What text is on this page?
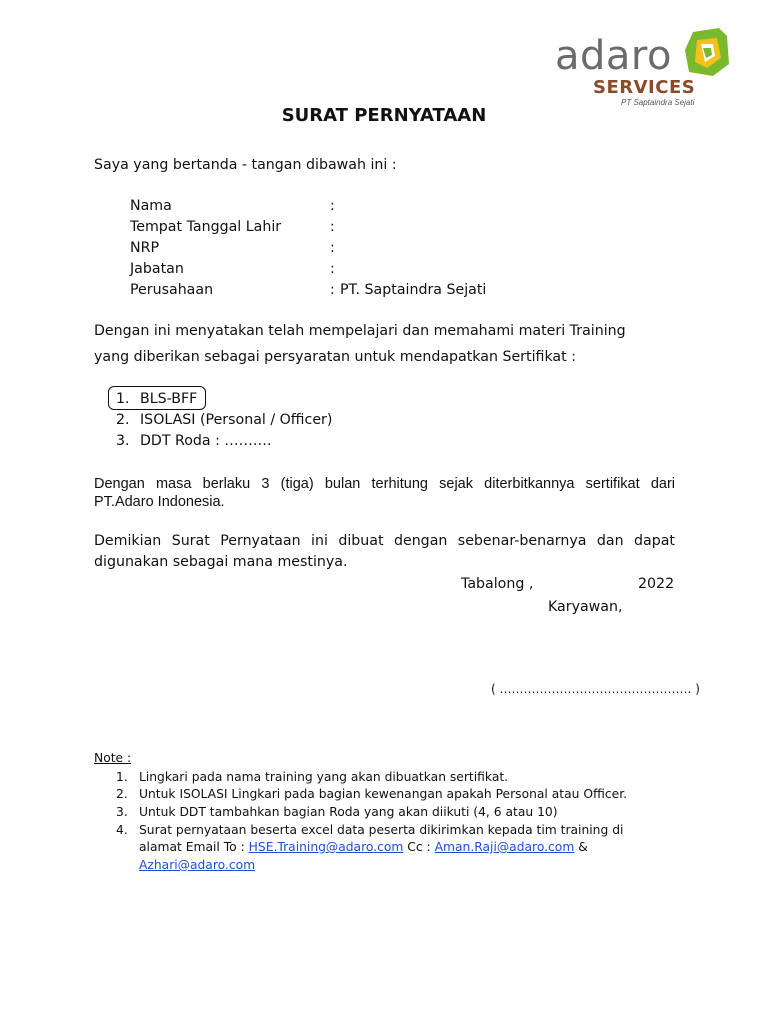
adaro
SERVICES
PT Saptaindra Sejati
SURAT PERNYATAAN
Saya yang bertanda - tangan dibawah ini :
Nama	:
Tempat Tanggal Lahir	:
NRP	:
Jabatan	:
Perusahaan	: PT. Saptaindra Sejati
Dengan ini menyatakan telah mempelajari dan memahami materi Training
yang diberikan sebagai persyaratan untuk mendapatkan Sertifikat :
1. BLS-BFF
2. ISOLASI (Personal / Officer)
3. DDT Roda : ……….
Dengan masa berlaku 3 (tiga) bulan terhitung sejak diterbitkannya sertifikat dari
PT.Adaro Indonesia.
Demikian Surat Pernyataan ini dibuat dengan sebenar-benarnya dan dapat
digunakan sebagai mana mestinya.
Tabalong ,	2022
Karyawan,
( ………………………………………… )
Note :
1. Lingkari pada nama training yang akan dibuatkan sertifikat.
2. Untuk ISOLASI Lingkari pada bagian kewenangan apakah Personal atau Officer.
3. Untuk DDT tambahkan bagian Roda yang akan diikuti (4, 6 atau 10)
4. Surat pernyataan beserta excel data peserta dikirimkan kepada tim training di
alamat Email To : HSE.Training@adaro.com Cc : Aman.Raji@adaro.com &
Azhari@adaro.com
